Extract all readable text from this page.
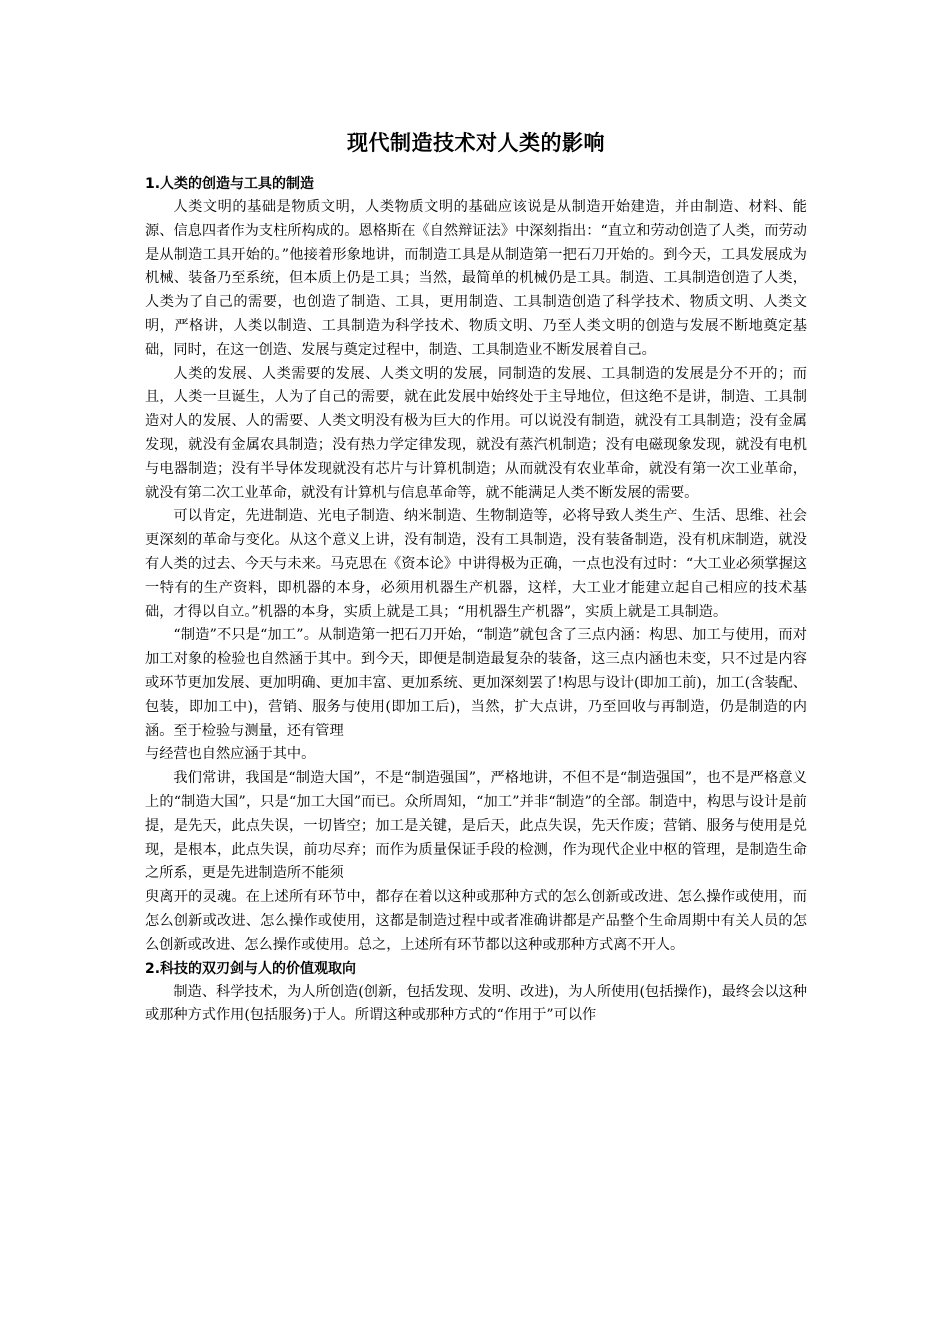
现代制造技术对人类的影响
1.人类的创造与工具的制造

人类文明的基础是物质文明，人类物质文明的基础应该说是从制造开始建造，并由制造、材料、能源、信息四者作为支柱所构成的。恩格斯在《自然辩证法》中深刻指出：“直立和劳动创造了人类，而劳动是从制造工具开始的。”他接着形象地讲，而制造工具是从制造第一把石刀开始的。到今天，工具发展成为机械、装备乃至系统，但本质上仍是工具；当然，最简单的机械仍是工具。制造、工具制造创造了人类，人类为了自己的需要，也创造了制造、工具，更用制造、工具制造创造了科学技术、物质文明、人类文明，严格讲，人类以制造、工具制造为科学技术、物质文明、乃至人类文明的创造与发展不断地奠定基础，同时，在这一创造、发展与奠定过程中，制造、工具制造业不断发展着自己。

人类的发展、人类需要的发展、人类文明的发展，同制造的发展、工具制造的发展是分不开的；而且，人类一旦诞生，人为了自己的需要，就在此发展中始终处于主导地位，但这绝不是讲，制造、工具制造对人的发展、人的需要、人类文明没有极为巨大的作用。可以说没有制造，就没有工具制造；没有金属发现，就没有金属农具制造；没有热力学定律发现，就没有蒸汽机制造；没有电磁现象发现，就没有电机与电器制造；没有半导体发现就没有芯片与计算机制造；从而就没有农业革命，就没有第一次工业革命，就没有第二次工业革命，就没有计算机与信息革命等，就不能满足人类不断发展的需要。

可以肯定，先进制造、光电子制造、纳米制造、生物制造等，必将导致人类生产、生活、思维、社会更深刻的革命与变化。从这个意义上讲，没有制造，没有工具制造，没有装备制造，没有机床制造，就没有人类的过去、今天与未来。马克思在《资本论》中讲得极为正确，一点也没有过时：“大工业必须掌握这一特有的生产资料，即机器的本身，必须用机器生产机器，这样，大工业才能建立起自己相应的技术基础，才得以自立。”机器的本身，实质上就是工具；“用机器生产机器”，实质上就是工具制造。

“制造”不只是“加工”。从制造第一把石刀开始，“制造”就包含了三点内涵：构思、加工与使用，而对加工对象的检验也自然涵于其中。到今天，即便是制造最复杂的装备，这三点内涵也未变，只不过是内容或环节更加发展、更加明确、更加丰富、更加系统、更加深刻罢了!构思与设计(即加工前)，加工(含装配、包装，即加工中)，营销、服务与使用(即加工后)，当然，扩大点讲，乃至回收与再制造，仍是制造的内涵。至于检验与测量，还有管理

与经营也自然应涵于其中。

我们常讲，我国是“制造大国”，不是“制造强国”，严格地讲，不但不是“制造强国”，也不是严格意义上的“制造大国”，只是“加工大国”而已。众所周知，“加工”并非“制造”的全部。制造中，构思与设计是前提，是先天，此点失误，一切皆空；加工是关键，是后天，此点失误，先天作废；营销、服务与使用是兑现，是根本，此点失误，前功尽弃；而作为质量保证手段的检测，作为现代企业中枢的管理，是制造生命之所系，更是先进制造所不能须

臾离开的灵魂。在上述所有环节中，都存在着以这种或那种方式的怎么创新或改进、怎么操作或使用，而怎么创新或改进、怎么操作或使用，这都是制造过程中或者准确讲都是产品整个生命周期中有关人员的怎么创新或改进、怎么操作或使用。总之，上述所有环节都以这种或那种方式离不开人。

2.科技的双刃剑与人的价值观取向

制造、科学技术，为人所创造(创新，包括发现、发明、改进)，为人所使用(包括操作)，最终会以这种或那种方式作用(包括服务)于人。所谓这种或那种方式的“作用于”可以作
